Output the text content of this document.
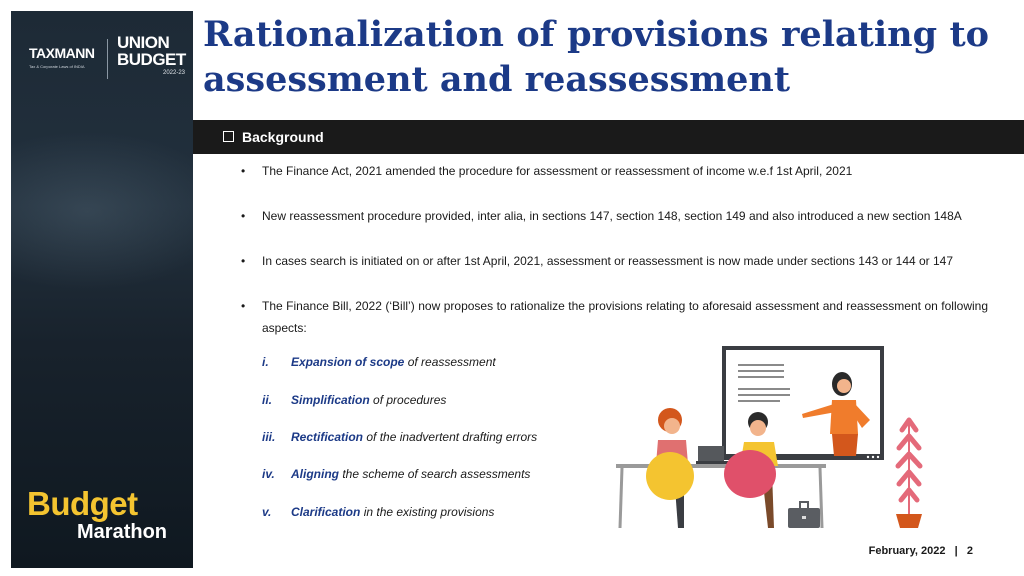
TAXMANN
Tax & Corporate Laws of INDIA
UNION
BUDGET
2022-23
Budget
Marathon
Rationalization of provisions relating to assessment and reassessment
Background
• The Finance Act, 2021 amended the procedure for assessment or reassessment of income w.e.f 1st April, 2021
• New reassessment procedure provided, inter alia, in sections 147, section 148, section 149 and also introduced a new section 148A
• In cases search is initiated on or after 1st April, 2021, assessment or reassessment is now made under sections 143 or 144 or 147
• The Finance Bill, 2022 (‘Bill’) now proposes to rationalize the provisions relating to aforesaid assessment and reassessment on following aspects:
i. Expansion of scope of reassessment
ii. Simplification of procedures
iii. Rectification of the inadvertent drafting errors
iv. Aligning the scheme of search assessments
v. Clarification in the existing provisions
February, 2022 | 2
